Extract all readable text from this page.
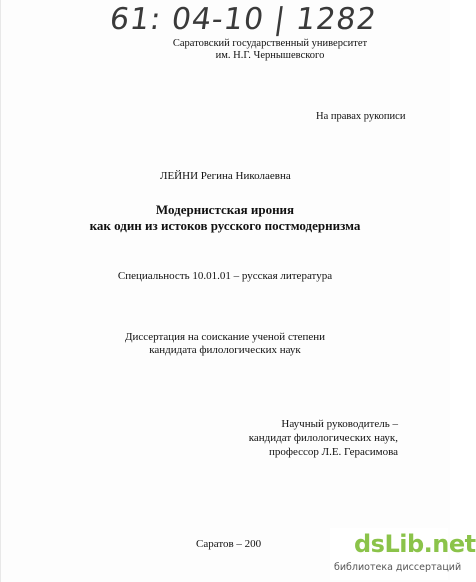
61: 04-10 | 1282
Саратовский государственный университет
им. Н.Г. Чернышевского
На правах рукописи
ЛЕЙНИ Регина Николаевна
Модернистская ирония
как один из истоков русского постмодернизма
Специальность 10.01.01 – русская литература
Диссертация на соискание ученой степени
кандидата филологических наук
Научный руководитель –
кандидат филологических наук,
профессор Л.Е. Герасимова
Саратов – 200	dsLib.net
библиотека диссертаций
